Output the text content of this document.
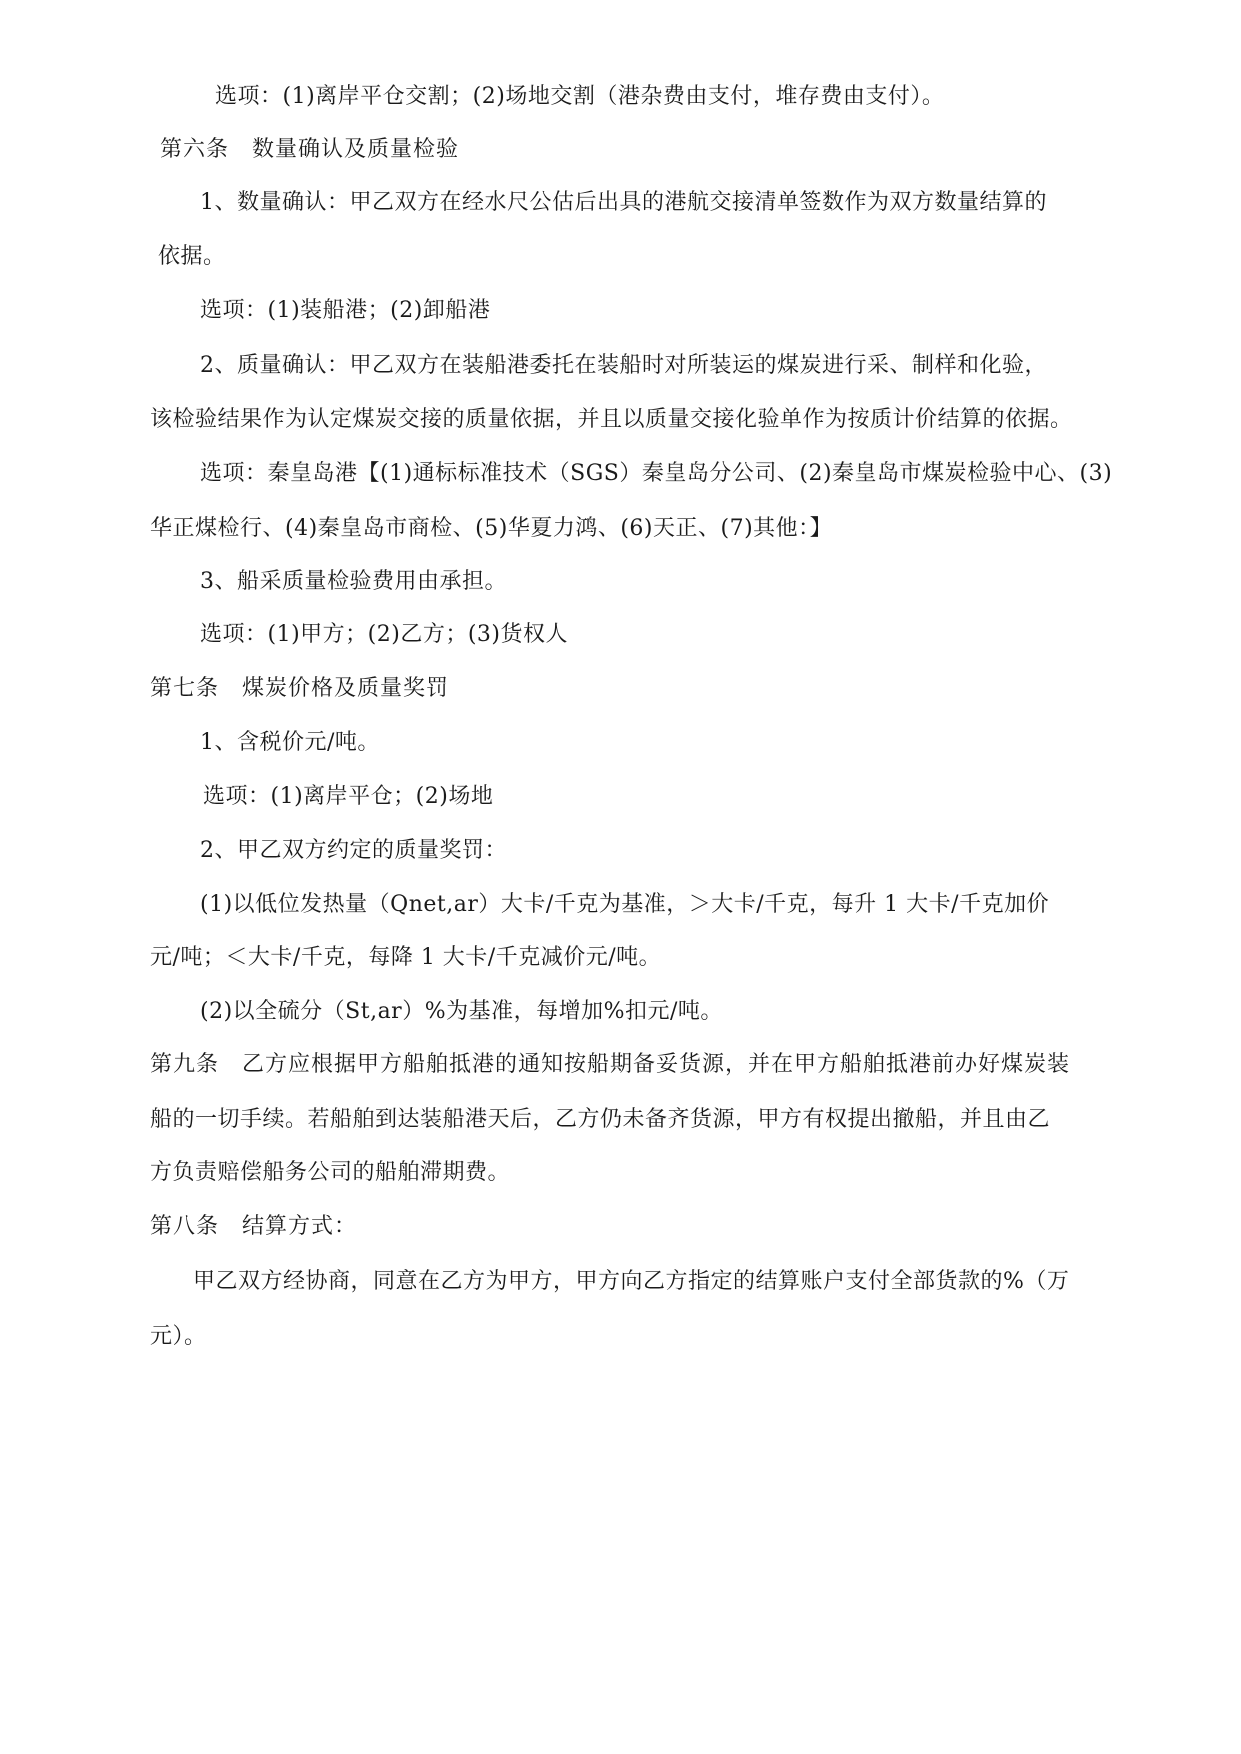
选项：(1)离岸平仓交割；(2)场地交割（港杂费由支付，堆存费由支付）。

第六条　数量确认及质量检验

1、数量确认：甲乙双方在经水尺公估后出具的港航交接清单签数作为双方数量结算的

依据。

选项：(1)装船港；(2)卸船港

2、质量确认：甲乙双方在装船港委托在装船时对所装运的煤炭进行采、制样和化验，

该检验结果作为认定煤炭交接的质量依据，并且以质量交接化验单作为按质计价结算的依据。

选项：秦皇岛港【(1)通标标准技术（SGS）秦皇岛分公司、(2)秦皇岛市煤炭检验中心、(3)

华正煤检行、(4)秦皇岛市商检、(5)华夏力鸿、(6)天正、(7)其他：】

3、船采质量检验费用由承担。

选项：(1)甲方；(2)乙方；(3)货权人

第七条　煤炭价格及质量奖罚

1、含税价元/吨。

选项：(1)离岸平仓；(2)场地

2、甲乙双方约定的质量奖罚：

(1)以低位发热量（Qnet,ar）大卡/千克为基准，＞大卡/千克，每升 1 大卡/千克加价

元/吨；＜大卡/千克，每降 1 大卡/千克减价元/吨。

(2)以全硫分（St,ar）%为基准，每增加%扣元/吨。

第九条　乙方应根据甲方船舶抵港的通知按船期备妥货源，并在甲方船舶抵港前办好煤炭装

船的一切手续。若船舶到达装船港天后，乙方仍未备齐货源，甲方有权提出撤船，并且由乙

方负责赔偿船务公司的船舶滞期费。

第八条　结算方式：

甲乙双方经协商，同意在乙方为甲方，甲方向乙方指定的结算账户支付全部货款的%（万

元）。
